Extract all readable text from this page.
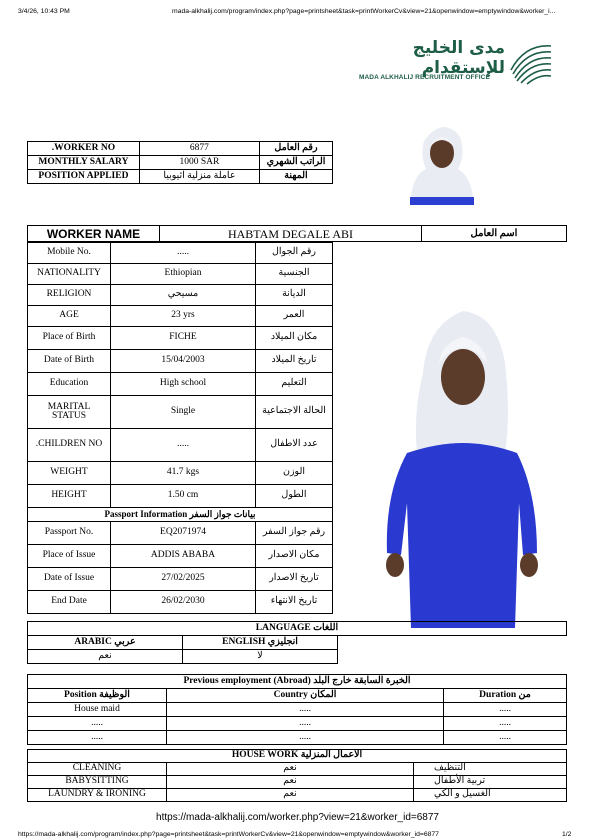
3/4/26, 10:43 PM	mada-alkhalij.com/program/index.php?page=printsheet&task=printWorkerCv&view=21&openwindow=emptywindow&worker_i...
مدى الخليج للإستقدام
MADA ALKHALIJ RECRUITMENT OFFICE
.WORKER NO	6877	رقم العامل
MONTHLY SALARY	1000 SAR	الراتب الشهري
POSITION APPLIED	عاملة منزلية اثيوبيا	المهنة
WORKER NAME	HABTAM DEGALE ABI	اسم العامل
Mobile No.	.....	رقم الجوال
NATIONALITY	Ethiopian	الجنسية
RELIGION	مسيحي	الديانة
AGE	23 yrs	العمر
Place of Birth	FICHE	مكان الميلاد
Date of Birth	15/04/2003	تاريخ الميلاد
Education	High school	التعليم
MARITAL STATUS	Single	الحالة الاجتماعية
.CHILDREN NO	.....	عدد الاطفال
WEIGHT	41.7 kgs	الوزن
HEIGHT	1.50 cm	الطول
Passport Information بيانات جواز السفر		
Passport No.	EQ2071974	رقم جواز السفر
Place of Issue	ADDIS ABABA	مكان الاصدار
Date of Issue	27/02/2025	تاريخ الاصدار
End Date	26/02/2030	تاريخ الانتهاء
LANGUAGE اللغات		
ARABIC عربي	ENGLISH انجليزي	
نعم	لا	
Previous employment (Abroad) الخبرة السابقة خارج البلد		
Position الوظيفة	Country المكان	Duration من
House maid	.....	.....
.....	.....	.....
.....	.....	.....
HOUSE WORK الاعمال المنزلية		
CLEANING	نعم	التنظيف
BABYSITTING	نعم	تربية الأطفال
LAUNDRY & IRONING	نعم	الغسيل و الكي
https://mada-alkhalij.com/worker.php?view=21&worker_id=6877
https://mada-alkhalij.com/program/index.php?page=printsheet&task=printWorkerCv&view=21&openwindow=emptywindow&worker_id=6877	1/2
